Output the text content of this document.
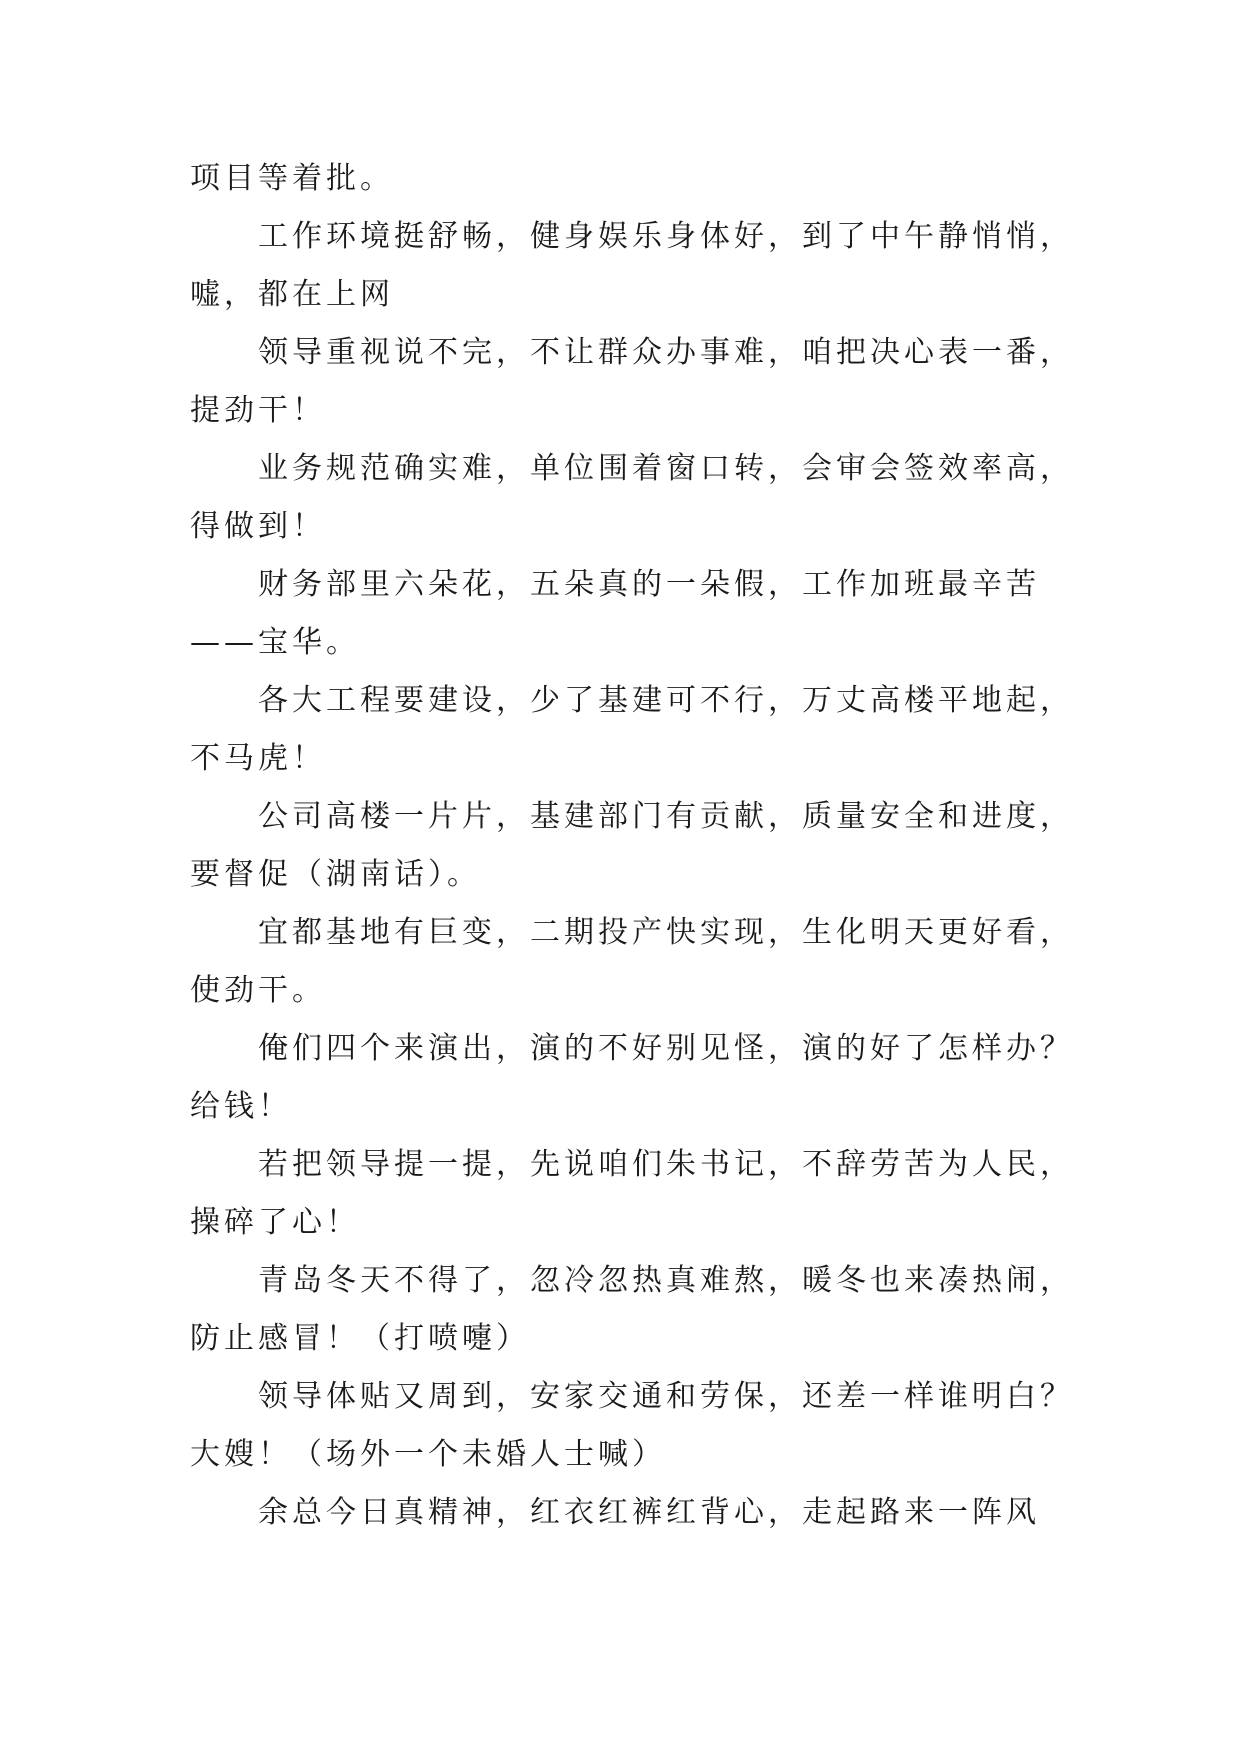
项目等着批。
工作环境挺舒畅，健身娱乐身体好，到了中午静悄悄，
嘘，都在上网
领导重视说不完，不让群众办事难，咱把决心表一番，
提劲干！
业务规范确实难，单位围着窗口转，会审会签效率高，
得做到！
财务部里六朵花，五朵真的一朵假，工作加班最辛苦
——宝华。
各大工程要建设，少了基建可不行，万丈高楼平地起，
不马虎！
公司高楼一片片，基建部门有贡献，质量安全和进度，
要督促（湖南话）。
宜都基地有巨变，二期投产快实现，生化明天更好看，
使劲干。
俺们四个来演出，演的不好别见怪，演的好了怎样办？
给钱！
若把领导提一提，先说咱们朱书记，不辞劳苦为人民，
操碎了心！
青岛冬天不得了，忽冷忽热真难熬，暖冬也来凑热闹，
防止感冒！（打喷嚏）
领导体贴又周到，安家交通和劳保，还差一样谁明白？
大嫂！（场外一个未婚人士喊）
余总今日真精神，红衣红裤红背心，走起路来一阵风
